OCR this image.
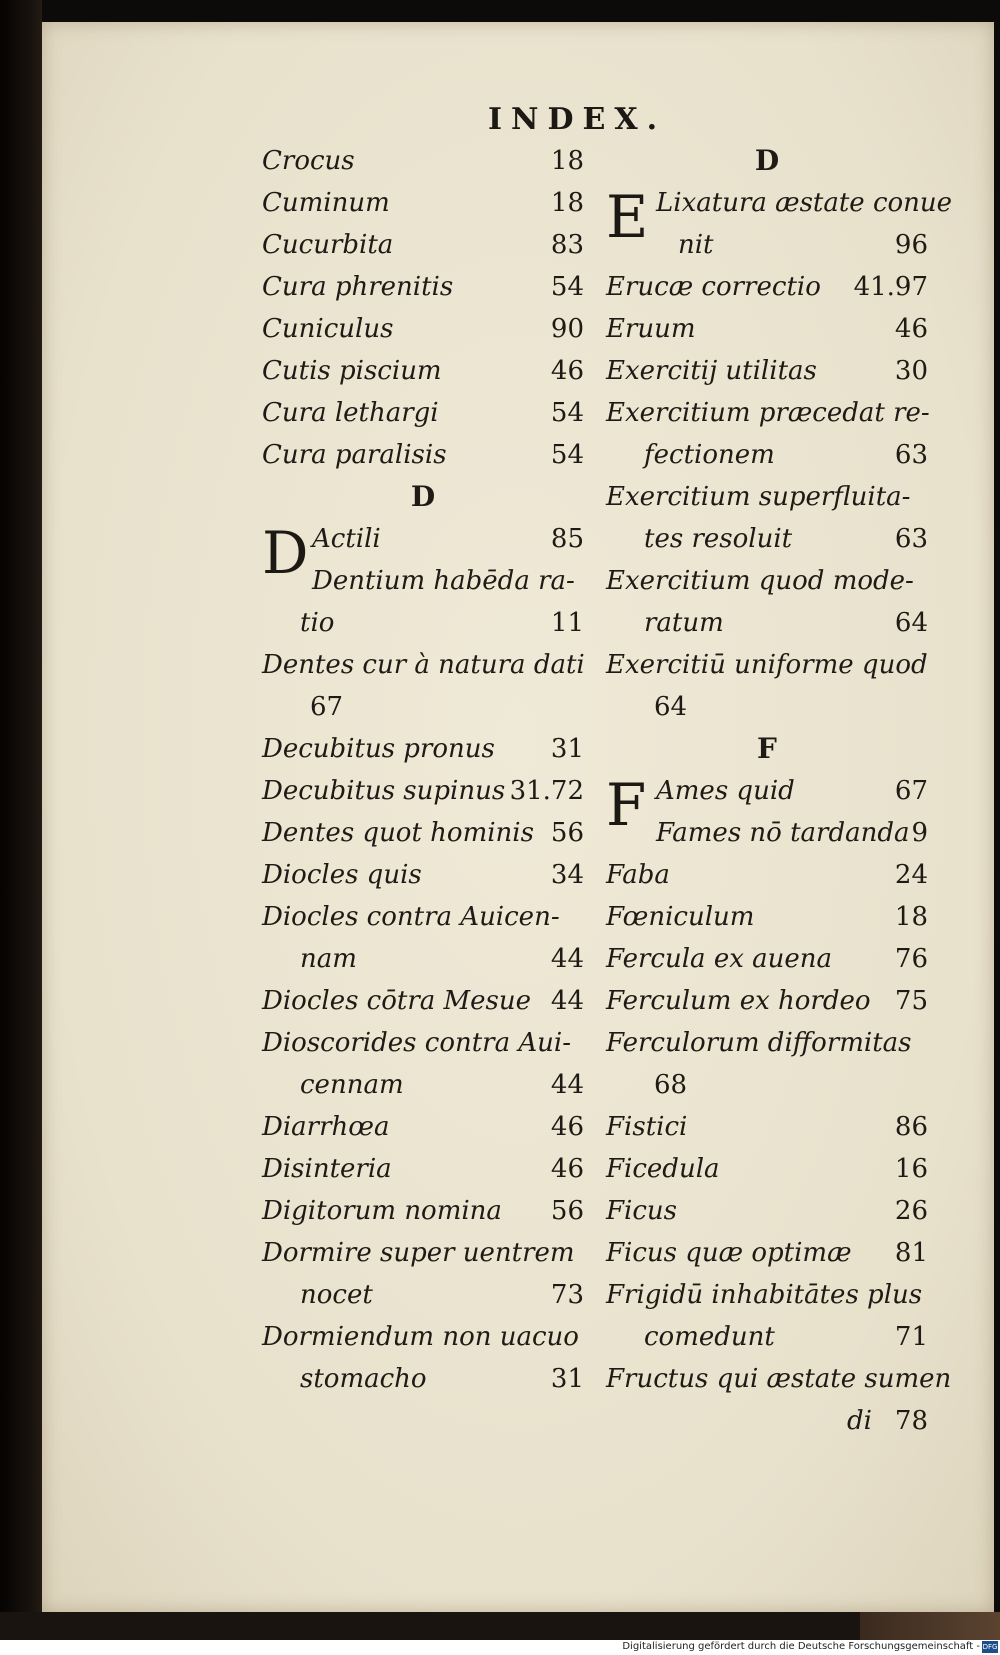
INDEX.
Crocus	18
Cuminum	18
Cucurbita	83
Cura phrenitis	54
Cuniculus	90
Cutis piscium	46
Cura lethargi	54
Cura paralisis	54
D
D Actili	85
Dentium habēda ra-
tio	11
Dentes cur à natura dati
67
Decubitus pronus 31
Decubitus supinus 31.72
Dentes quot hominis 56
Diocles quis	34
Diocles contra Auicen-
nam	44
Diocles cōtra Mesue 44
Dioscorides contra Aui-
cennam	44
Diarrhœa	46
Disinteria	46
Digitorum nomina 56
Dormire super uentrem
nocet	73
Dormiendum non uacuo
stomacho	31
D
E Lixatura æstate conue
nit	96
Erucæ correctio 41.97
Eruum	46
Exercitij utilitas	30
Exercitium præcedat re-
fectionem	63
Exercitium superfluita-
tes resoluit	63
Exercitium quod mode-
ratum	64
Exercitiū uniforme quod
64
F
F Ames quid	67
Fames nō tardanda 9
Faba	24
Fœniculum	18
Fercula ex auena 76
Ferculum ex hordeo 75
Ferculorum difformitas
68
Fistici	86
Ficedula	16
Ficus	26
Ficus quæ optimæ 81
Frigidū inhabitātes plus
comedunt	71
Fructus qui æstate sumen
di 78
Digitalisierung gefördert durch die Deutsche Forschungsgemeinschaft - DFG
